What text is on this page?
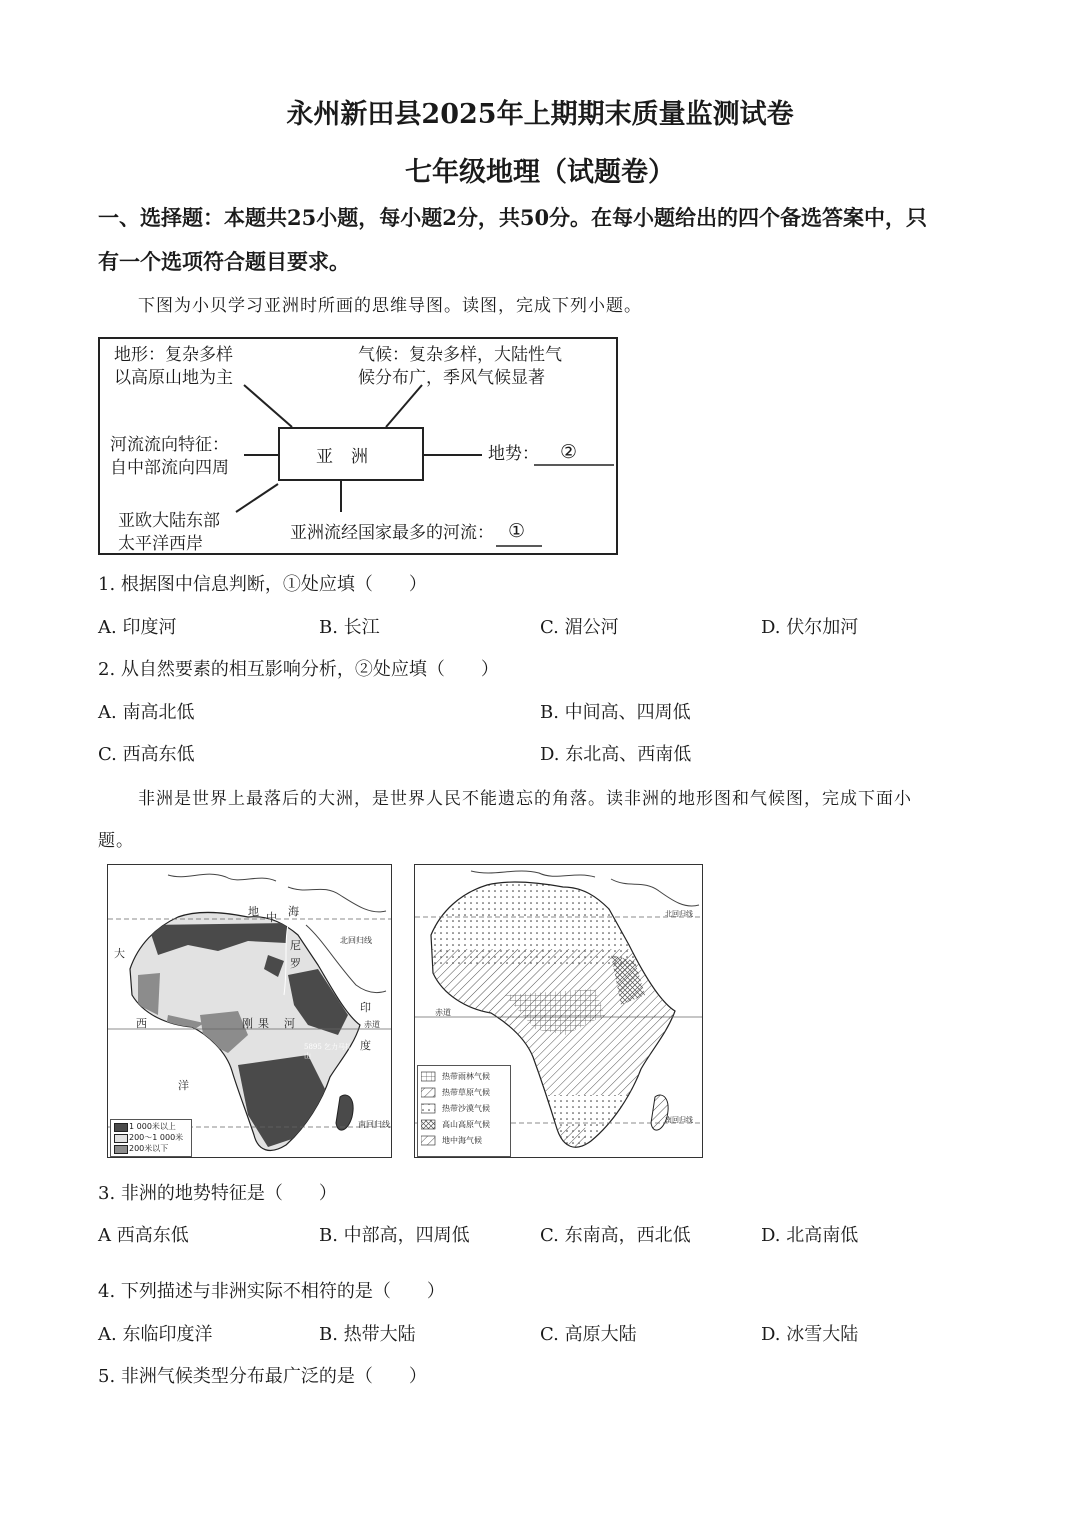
永州新田县2025年上期期末质量监测试卷
七年级地理（试题卷）
一、选择题：本题共25小题，每小题2分，共50分。在每小题给出的四个备选答案中，只
有一个选项符合题目要求。
下图为小贝学习亚洲时所画的思维导图。读图，完成下列小题。
亚洲
地形：复杂多样
以高原山地为主
气候：复杂多样，大陆性气
候分布广，季风气候显著
河流流向特征：
自中部流向四周
亚欧大陆东部
太平洋西岸
地势： ②
亚洲流经国家最多的河流： ①
1. 根据图中信息判断，①处应填（　　）
A. 印度河	B. 长江	C. 湄公河	D. 伏尔加河
2. 从自然要素的相互影响分析，②处应填（　　）
A. 南高北低	B. 中间高、四周低
C. 西高东低	D. 东北高、西南低
非洲是世界上最落后的大洲，是世界人民不能遗忘的角落。读非洲的地形图和气候图，完成下面小
题。
地 中 海
大
西
洋
印
度
尼
罗
河
刚 果
北回归线
赤道
南回归线
5895 乞力马扎罗山
1 000米以上
200～1 000米
200米以下
北回归线
赤道
南回归线
热带雨林气候
热带草原气候
热带沙漠气候
高山高原气候
地中海气候
3. 非洲的地势特征是（　　）
A 西高东低	B. 中部高，四周低	C. 东南高，西北低	D. 北高南低
4. 下列描述与非洲实际不相符的是（　　）
A. 东临印度洋	B. 热带大陆	C. 高原大陆	D. 冰雪大陆
5. 非洲气候类型分布最广泛的是（　　）
